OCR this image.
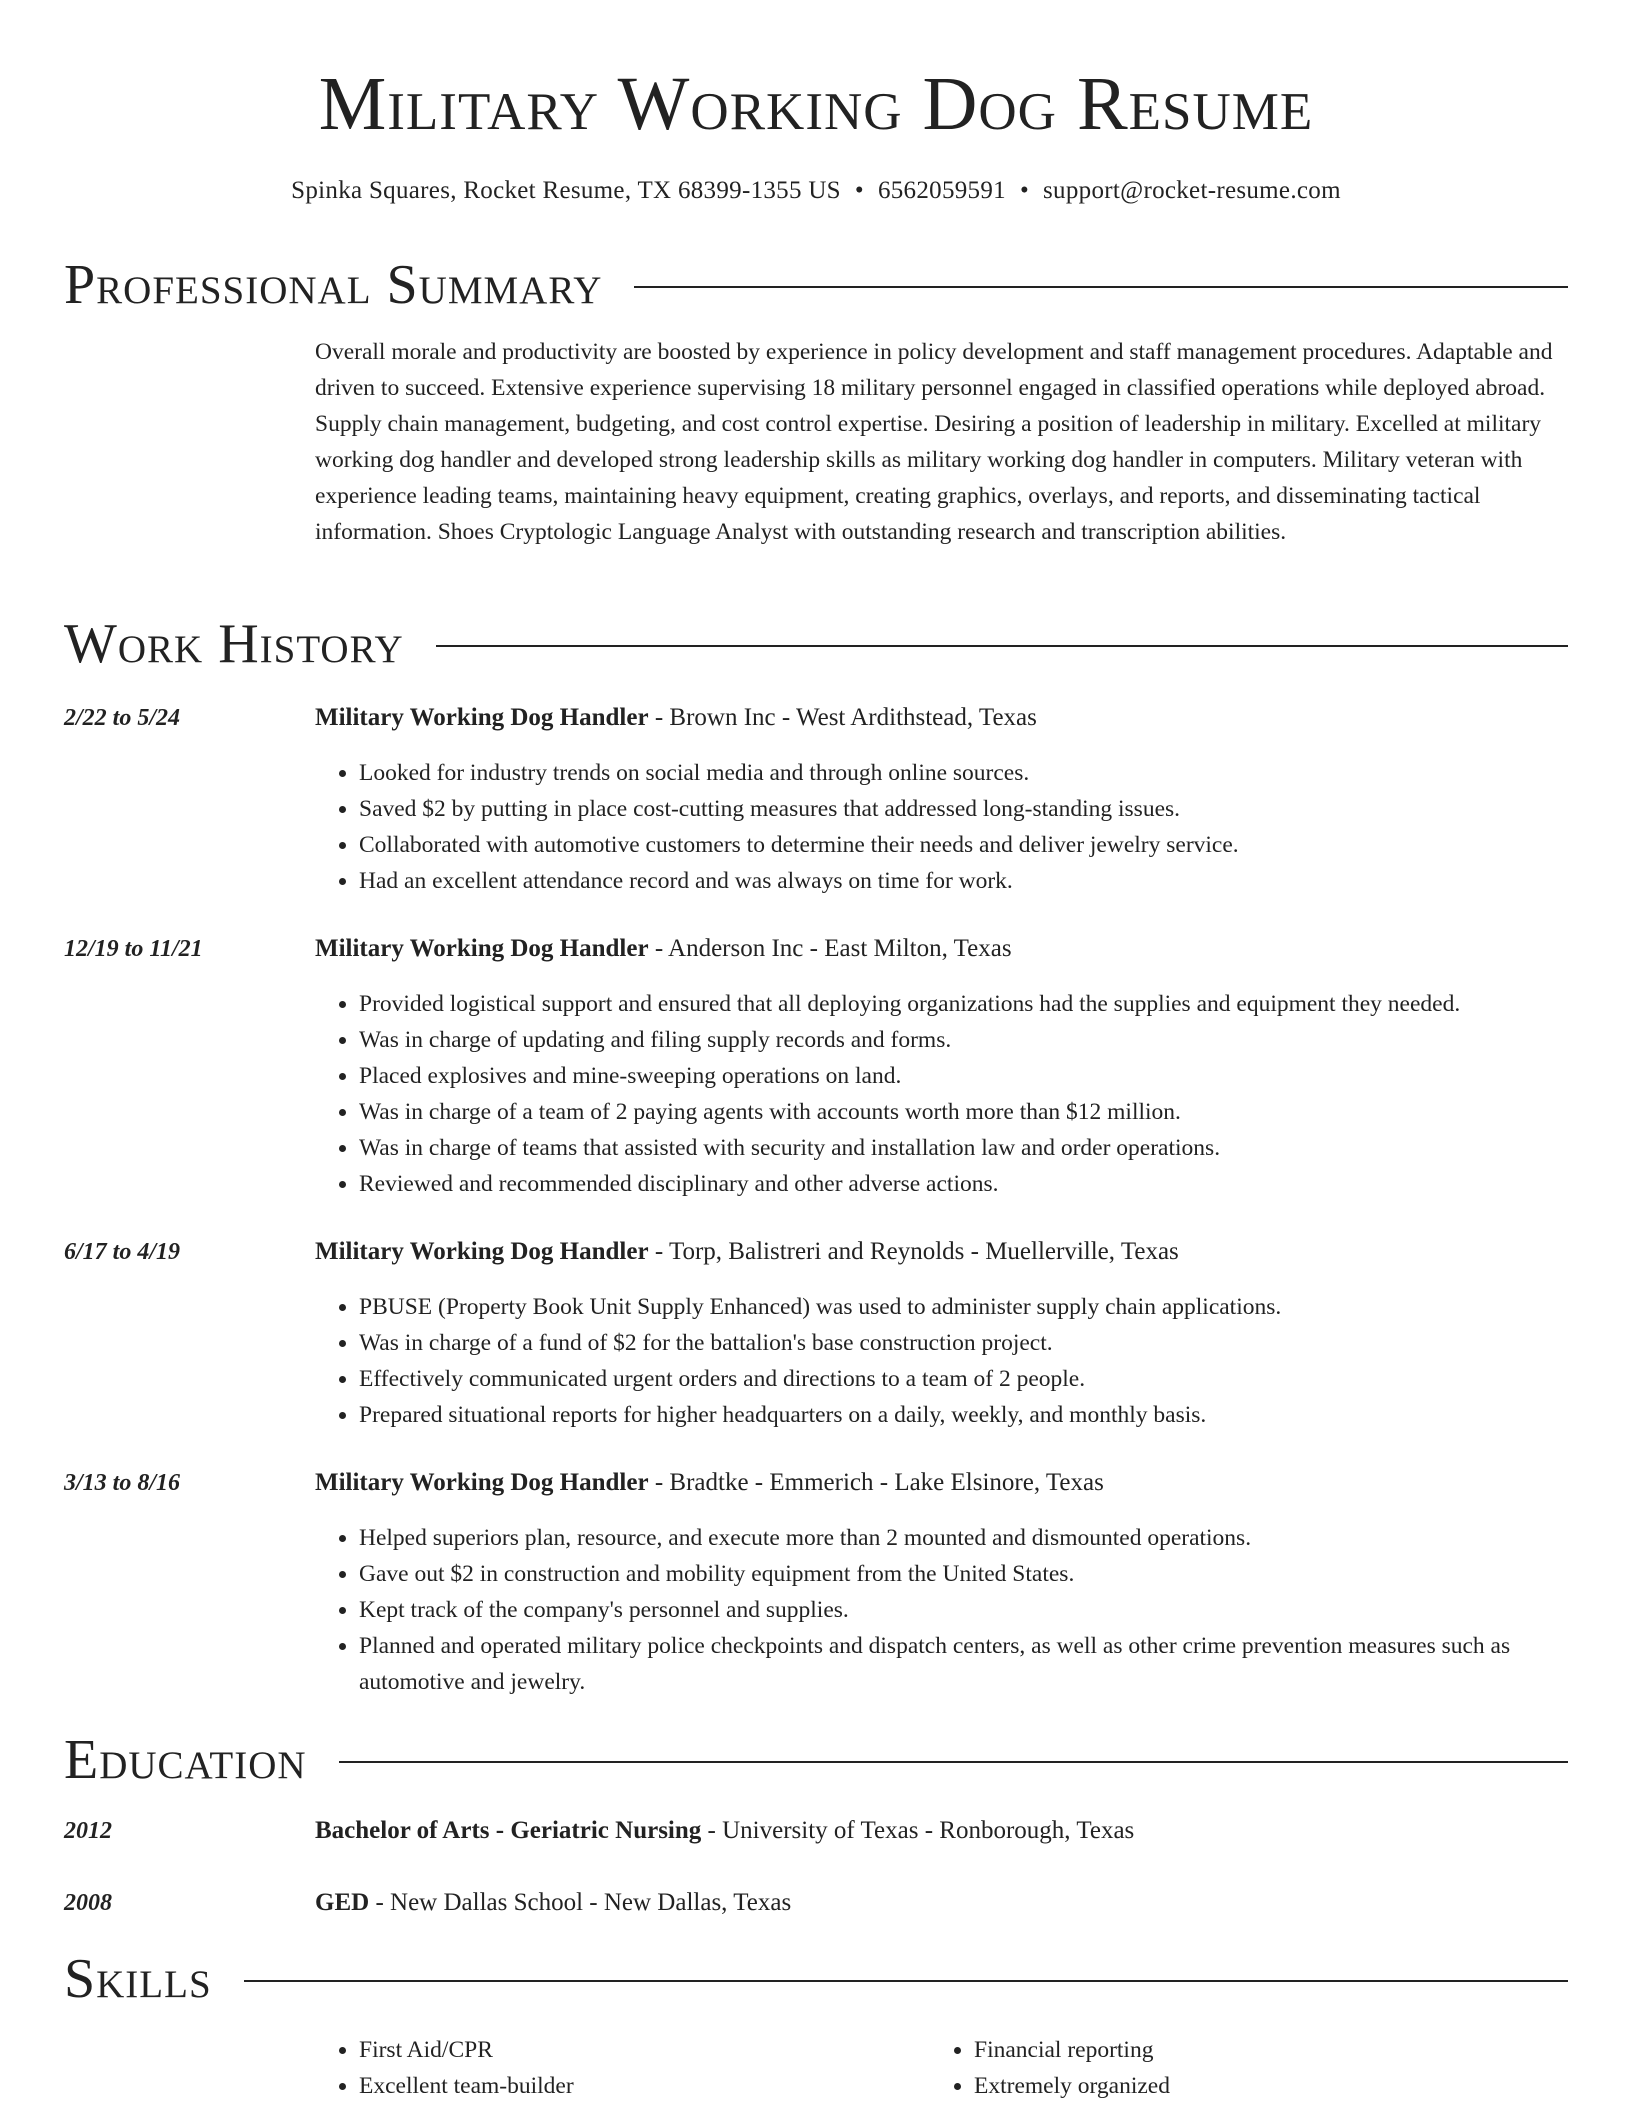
Military Working Dog Resume
Spinka Squares, Rocket Resume, TX 68399-1355 US • 6562059591 • support@rocket-resume.com
Professional Summary

Overall morale and productivity are boosted by experience in policy development and staff management procedures. Adaptable and driven to succeed. Extensive experience supervising 18 military personnel engaged in classified operations while deployed abroad. Supply chain management, budgeting, and cost control expertise. Desiring a position of leadership in military. Excelled at military working dog handler and developed strong leadership skills as military working dog handler in computers. Military veteran with experience leading teams, maintaining heavy equipment, creating graphics, overlays, and reports, and disseminating tactical information. Shoes Cryptologic Language Analyst with outstanding research and transcription abilities.

Work History
2/22 to 5/24	Military Working Dog Handler - Brown Inc - West Ardithstead, Texas
• Looked for industry trends on social media and through online sources.
• Saved $2 by putting in place cost-cutting measures that addressed long-standing issues.
• Collaborated with automotive customers to determine their needs and deliver jewelry service.
• Had an excellent attendance record and was always on time for work.
12/19 to 11/21	Military Working Dog Handler - Anderson Inc - East Milton, Texas
• Provided logistical support and ensured that all deploying organizations had the supplies and equipment they needed.
• Was in charge of updating and filing supply records and forms.
• Placed explosives and mine-sweeping operations on land.
• Was in charge of a team of 2 paying agents with accounts worth more than $12 million.
• Was in charge of teams that assisted with security and installation law and order operations.
• Reviewed and recommended disciplinary and other adverse actions.
6/17 to 4/19	Military Working Dog Handler - Torp, Balistreri and Reynolds - Muellerville, Texas
• PBUSE (Property Book Unit Supply Enhanced) was used to administer supply chain applications.
• Was in charge of a fund of $2 for the battalion's base construction project.
• Effectively communicated urgent orders and directions to a team of 2 people.
• Prepared situational reports for higher headquarters on a daily, weekly, and monthly basis.
3/13 to 8/16	Military Working Dog Handler - Bradtke - Emmerich - Lake Elsinore, Texas
• Helped superiors plan, resource, and execute more than 2 mounted and dismounted operations.
• Gave out $2 in construction and mobility equipment from the United States.
• Kept track of the company's personnel and supplies.
• Planned and operated military police checkpoints and dispatch centers, as well as other crime prevention measures such as automotive and jewelry.
Education
2012	Bachelor of Arts - Geriatric Nursing - University of Texas - Ronborough, Texas
2008	GED - New Dallas School - New Dallas, Texas
Skills
• First Aid/CPR
• Excellent team-builder
• Financial reporting
• Extremely organized
